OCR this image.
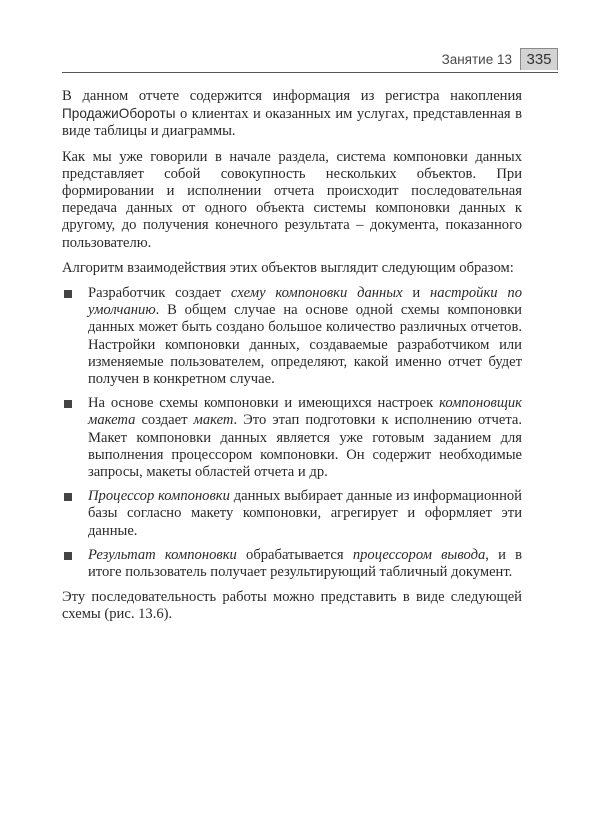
Занятие 13 335

В данном отчете содержится информация из регистра накопления ПродажиОбороты о клиентах и оказанных им услугах, представленная в виде таблицы и диаграммы.

Как мы уже говорили в начале раздела, система компоновки данных представляет собой совокупность нескольких объектов. При формировании и исполнении отчета происходит последовательная передача данных от одного объекта системы компоновки данных к другому, до получения конечного результата – документа, показанного пользователю.

Алгоритм взаимодействия этих объектов выглядит следующим образом:

Разработчик создает схему компоновки данных и настройки по умолчанию. В общем случае на основе одной схемы компоновки данных может быть создано большое количество различных отчетов. Настройки компоновки данных, создаваемые разработчиком или изменяемые пользователем, определяют, какой именно отчет будет получен в конкретном случае.
На основе схемы компоновки и имеющихся настроек компоновщик макета создает макет. Это этап подготовки к исполнению отчета. Макет компоновки данных является уже готовым заданием для выполнения процессором компоновки. Он содержит необходимые запросы, макеты областей отчета и др.
Процессор компоновки данных выбирает данные из информационной базы согласно макету компоновки, агрегирует и оформляет эти данные.
Результат компоновки обрабатывается процессором вывода, и в итоге пользователь получает результирующий табличный документ.

Эту последовательность работы можно представить в виде следующей схемы (рис. 13.6).
